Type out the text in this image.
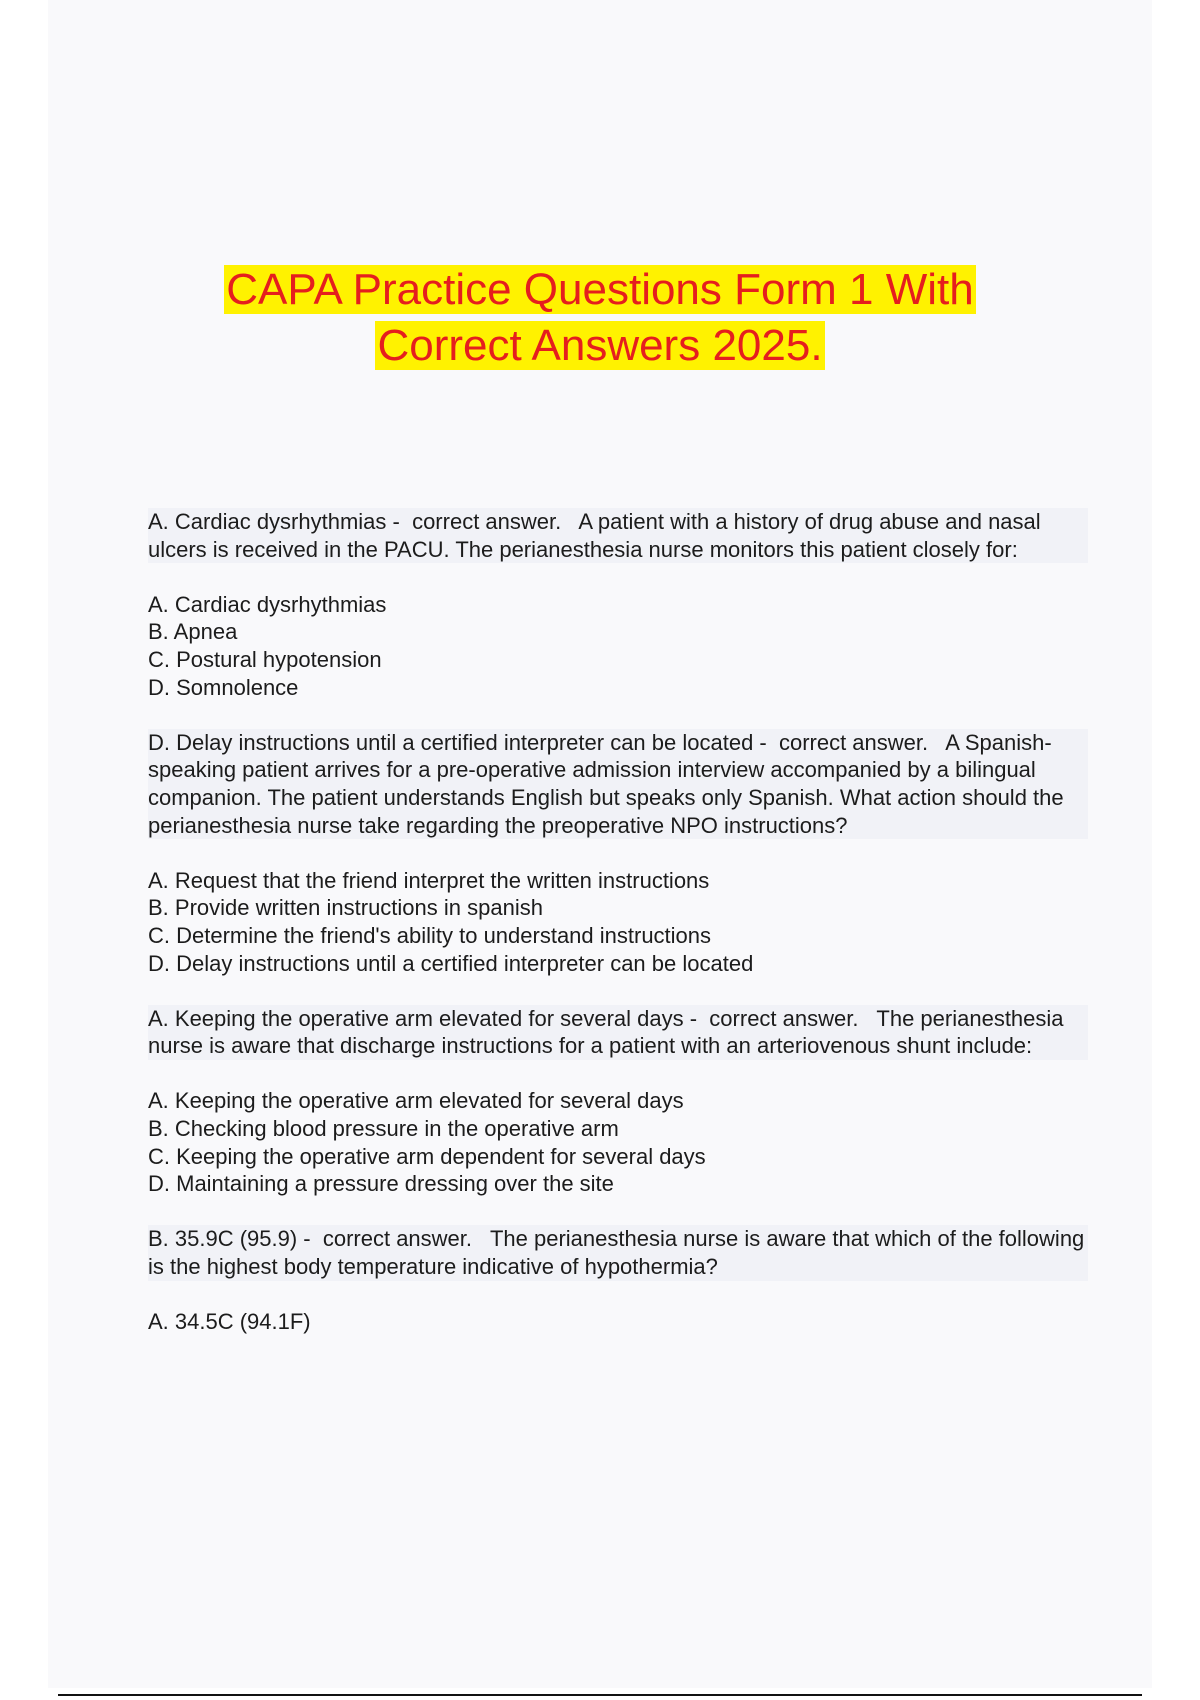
CAPA Practice Questions Form 1 With
Correct Answers 2025.

A. Cardiac dysrhythmias -  correct answer.   A patient with a history of drug abuse and nasal ulcers is received in the PACU. The perianesthesia nurse monitors this patient closely for:

A. Cardiac dysrhythmias

B. Apnea

C. Postural hypotension

D. Somnolence

D. Delay instructions until a certified interpreter can be located -  correct answer.   A Spanish-speaking patient arrives for a pre-operative admission interview accompanied by a bilingual companion. The patient understands English but speaks only Spanish. What action should the perianesthesia nurse take regarding the preoperative NPO instructions?

A. Request that the friend interpret the written instructions

B. Provide written instructions in spanish

C. Determine the friend's ability to understand instructions

D. Delay instructions until a certified interpreter can be located

A. Keeping the operative arm elevated for several days -  correct answer.   The perianesthesia nurse is aware that discharge instructions for a patient with an arteriovenous shunt include:

A. Keeping the operative arm elevated for several days

B. Checking blood pressure in the operative arm

C. Keeping the operative arm dependent for several days

D. Maintaining a pressure dressing over the site

B. 35.9C (95.9) -  correct answer.   The perianesthesia nurse is aware that which of the following is the highest body temperature indicative of hypothermia?

A. 34.5C (94.1F)
